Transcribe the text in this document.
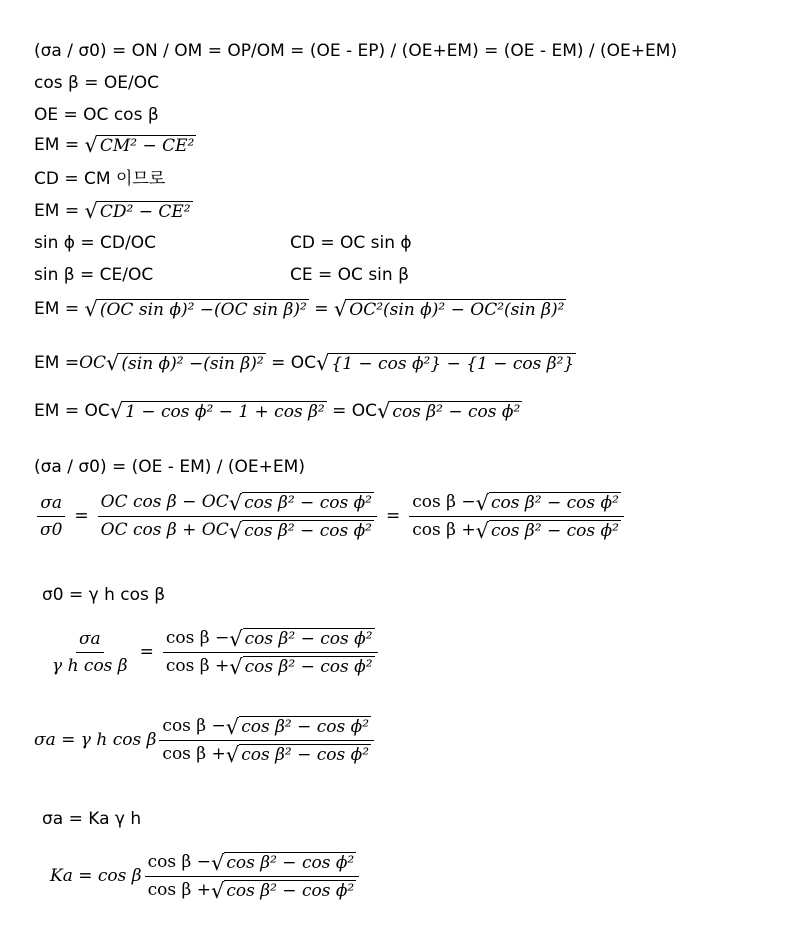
(σa / σ0) = ON / OM = OP/OM = (OE - EP) / (OE+EM) = (OE - EM) / (OE+EM)
cos β = OE/OC
OE = OC cos β
EM = √ CM² − CE²
CD = CM 이므로
EM = √ CD² − CE²
sin ϕ = CD/OC	CD = OC sin ϕ
sin β = CE/OC	CE = OC sin β
EM = √ (OC sin ϕ)² −(OC sin β)² = √ OC²(sin ϕ)² − OC²(sin β)²
EM =OC√ (sin ϕ)² −(sin β)² = OC√ {1 − cos ϕ²} − {1 − cos β²}
EM = OC√ 1 − cos ϕ² − 1 + cos β² = OC√ cos β² − cos ϕ²
(σa / σ0) = (OE - EM) / (OE+EM)
$\frac{\sigma a}{\sigma 0} = \frac{\text{OC cos β − OC√ cos β² − cos ϕ²}}{\text{OC cos β + OC√ cos β² − cos ϕ²}} = \frac{\text{cos β −√ cos β² − cos ϕ²}}{\text{cos β +√ cos β² − cos ϕ²}}$
σ0 = γ h cos β
$\frac{\sigma a}{\text{γ h cos β}} = \frac{\text{cos β −√ cos β² − cos ϕ²}}{\text{cos β +√ cos β² − cos ϕ²}}$
σa = γ h cos β $\frac{\text{cos β −√ cos β² − cos ϕ²}}{\text{cos β +√ cos β² − cos ϕ²}}$
σa = Ka γ h
Ka = cos β $\frac{\text{cos β −√ cos β² − cos ϕ²}}{\text{cos β +√ cos β² − cos ϕ²}}$
